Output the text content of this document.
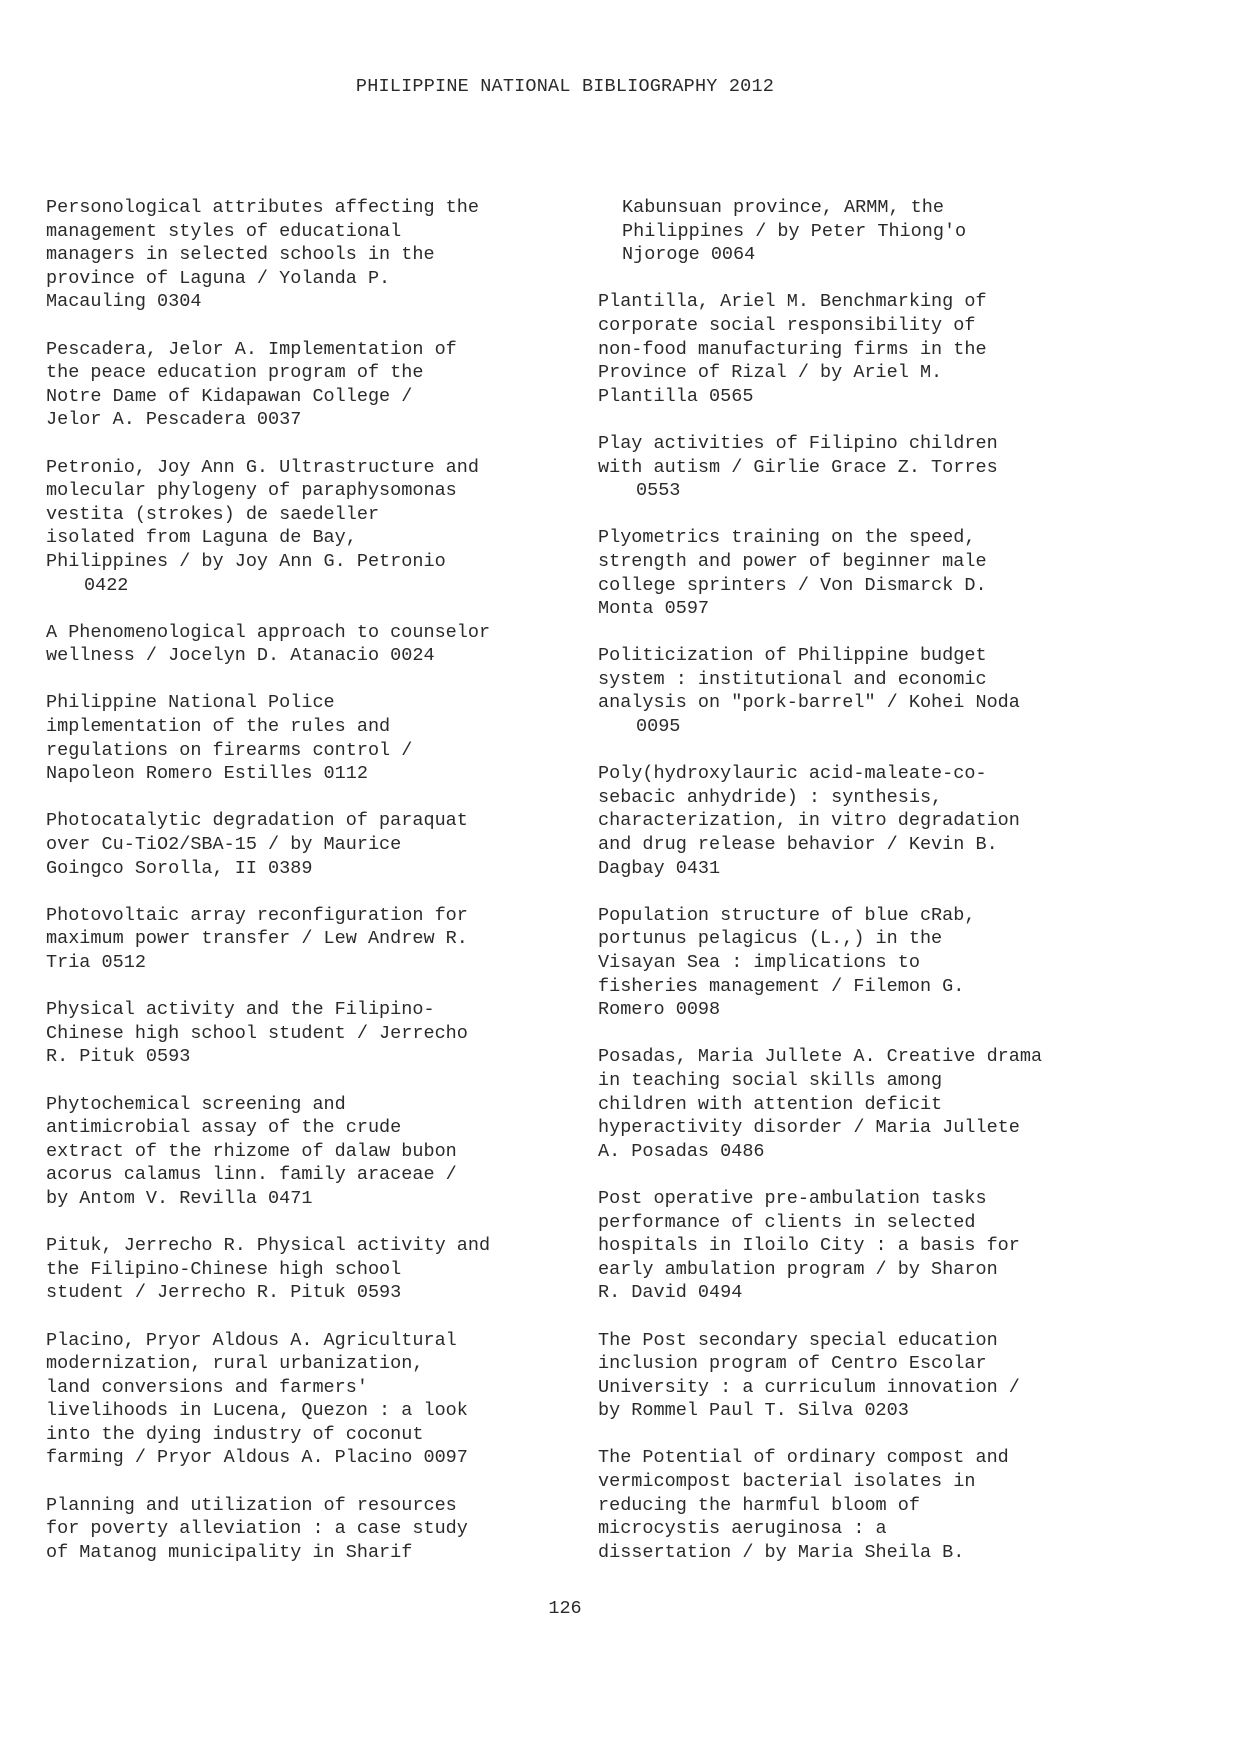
PHILIPPINE NATIONAL BIBLIOGRAPHY 2012
Personological attributes affecting the
management styles of educational
managers in selected schools in the
province of Laguna / Yolanda P.
Macauling 0304
Pescadera, Jelor A. Implementation of
the peace education program of the
Notre Dame of Kidapawan College /
Jelor A. Pescadera 0037
Petronio, Joy Ann G. Ultrastructure and
molecular phylogeny of paraphysomonas
vestita (strokes) de saedeller
isolated from Laguna de Bay,
Philippines / by Joy Ann G. Petronio
0422
A Phenomenological approach to counselor
wellness / Jocelyn D. Atanacio 0024
Philippine National Police
implementation of the rules and
regulations on firearms control /
Napoleon Romero Estilles 0112
Photocatalytic degradation of paraquat
over Cu-TiO2/SBA-15 / by Maurice
Goingco Sorolla, II 0389
Photovoltaic array reconfiguration for
maximum power transfer / Lew Andrew R.
Tria 0512
Physical activity and the Filipino-
Chinese high school student / Jerrecho
R. Pituk 0593
Phytochemical screening and
antimicrobial assay of the crude
extract of the rhizome of dalaw bubon
acorus calamus linn. family araceae /
by Antom V. Revilla 0471
Pituk, Jerrecho R. Physical activity and
the Filipino-Chinese high school
student / Jerrecho R. Pituk 0593
Placino, Pryor Aldous A. Agricultural
modernization, rural urbanization,
land conversions and farmers'
livelihoods in Lucena, Quezon : a look
into the dying industry of coconut
farming / Pryor Aldous A. Placino 0097
Planning and utilization of resources
for poverty alleviation : a case study
of Matanog municipality in Sharif
Kabunsuan province, ARMM, the
Philippines / by Peter Thiong'o
Njoroge 0064
Plantilla, Ariel M. Benchmarking of
corporate social responsibility of
non-food manufacturing firms in the
Province of Rizal / by Ariel M.
Plantilla 0565
Play activities of Filipino children
with autism / Girlie Grace Z. Torres
0553
Plyometrics training on the speed,
strength and power of beginner male
college sprinters / Von Dismarck D.
Monta 0597
Politicization of Philippine budget
system : institutional and economic
analysis on "pork-barrel" / Kohei Noda
0095
Poly(hydroxylauric acid-maleate-co-
sebacic anhydride) : synthesis,
characterization, in vitro degradation
and drug release behavior / Kevin B.
Dagbay 0431
Population structure of blue cRab,
portunus pelagicus (L.,) in the
Visayan Sea : implications to
fisheries management / Filemon G.
Romero 0098
Posadas, Maria Jullete A. Creative drama
in teaching social skills among
children with attention deficit
hyperactivity disorder / Maria Jullete
A. Posadas 0486
Post operative pre-ambulation tasks
performance of clients in selected
hospitals in Iloilo City : a basis for
early ambulation program / by Sharon
R. David 0494
The Post secondary special education
inclusion program of Centro Escolar
University : a curriculum innovation /
by Rommel Paul T. Silva 0203
The Potential of ordinary compost and
vermicompost bacterial isolates in
reducing the harmful bloom of
microcystis aeruginosa : a
dissertation / by Maria Sheila B.
126
